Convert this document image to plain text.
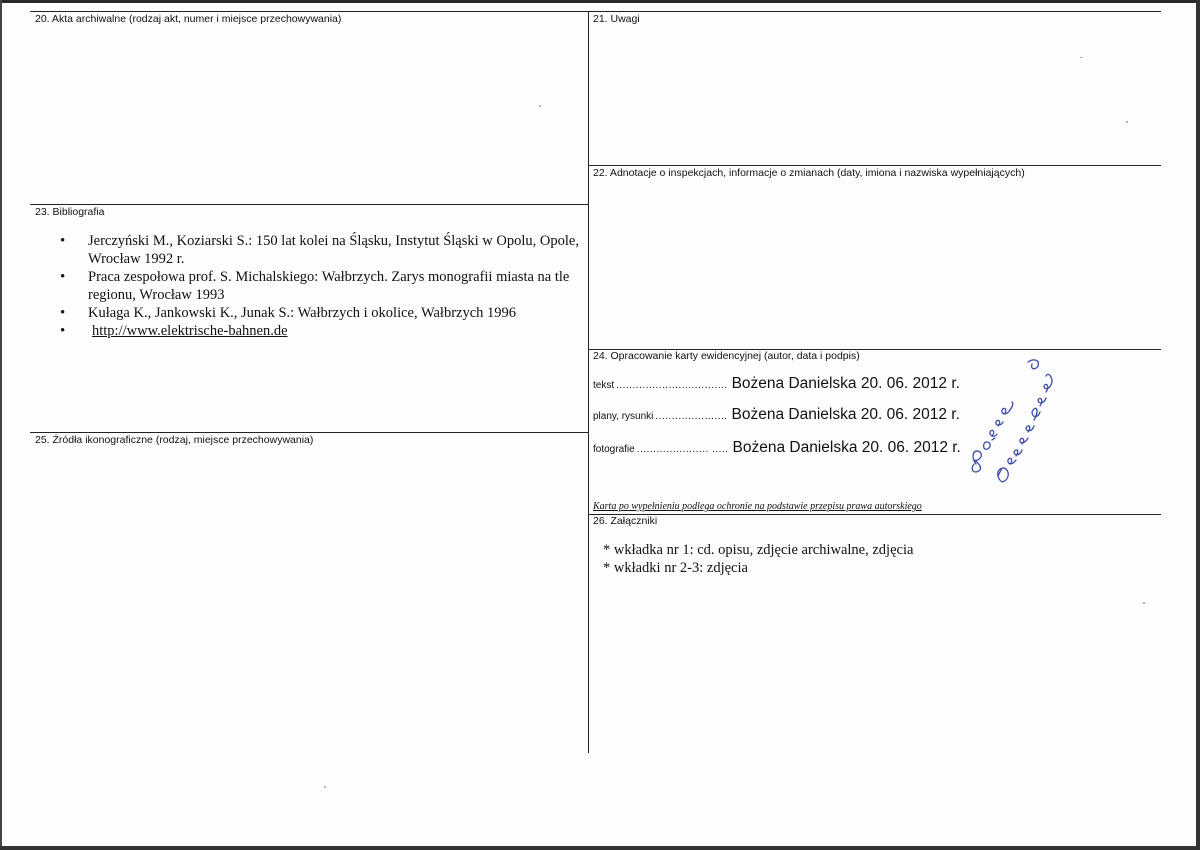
20. Akta archiwalne (rodzaj akt, numer i miejsce przechowywania)	21. Uwagi
22. Adnotacje o inspekcjach, informacje o zmianach (daty, imiona i nazwiska wypełniających)
23. Bibliografia
24. Opracowanie karty ewidencyjnej (autor, data i podpis)
25. Źródła ikonograficzne (rodzaj, miejsce przechowywania)
26. Załączniki
• Jerczyński M., Koziarski S.: 150 lat kolei na Śląsku, Instytut Śląski w Opolu, Opole, Wrocław 1992 r.
• Praca zespołowa prof. S. Michalskiego: Wałbrzych. Zarys monografii miasta na tle regionu, Wrocław 1993
• Kułaga K., Jankowski K., Junak S.: Wałbrzych i okolice, Wałbrzych 1996
• http://www.elektrische-bahnen.de
tekst .................................. Bożena Danielska 20. 06. 2012 r.
plany, rysunki ...................... Bożena Danielska 20. 06. 2012 r.
fotografie ...................... ..... Bożena Danielska 20. 06. 2012 r.
Karta po wypełnieniu podlega ochronie na podstawie przepisu prawa autorskiego
* wkładka nr 1: cd. opisu, zdjęcie archiwalne, zdjęcia
* wkładki nr 2-3: zdjęcia
